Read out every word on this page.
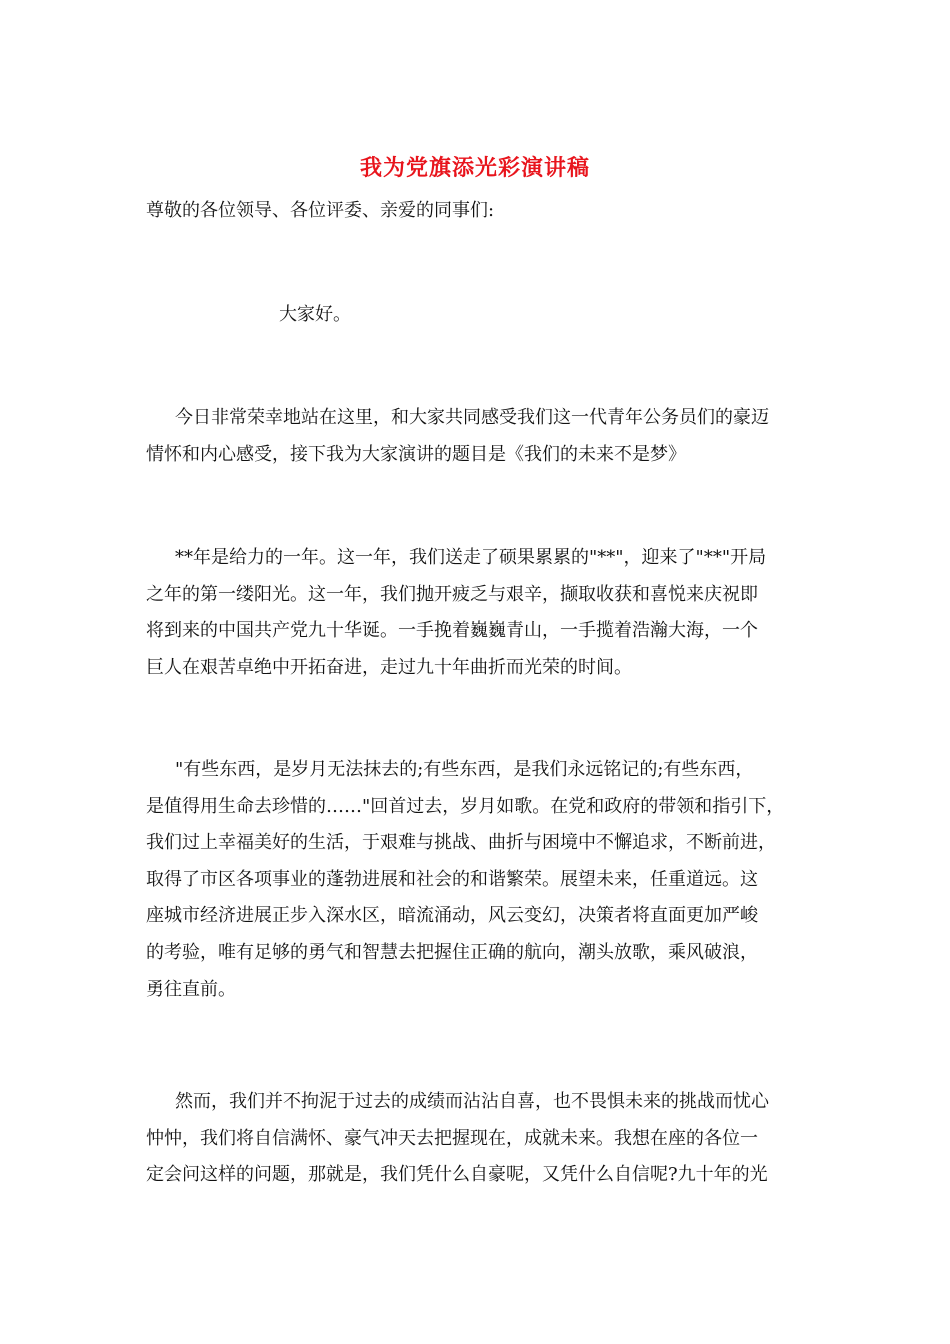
我为党旗添光彩演讲稿

尊敬的各位领导、各位评委、亲爱的同事们:

大家好。

今日非常荣幸地站在这里，和大家共同感受我们这一代青年公务员们的豪迈
情怀和内心感受，接下我为大家演讲的题目是《我们的未来不是梦》

**年是给力的一年。这一年，我们送走了硕果累累的"**"，迎来了"**"开局
之年的第一缕阳光。这一年，我们抛开疲乏与艰辛，撷取收获和喜悦来庆祝即
将到来的中国共产党九十华诞。一手挽着巍巍青山，一手揽着浩瀚大海，一个
巨人在艰苦卓绝中开拓奋进，走过九十年曲折而光荣的时间。

"有些东西，是岁月无法抹去的;有些东西，是我们永远铭记的;有些东西，
是值得用生命去珍惜的……"回首过去，岁月如歌。在党和政府的带领和指引下，
我们过上幸福美好的生活，于艰难与挑战、曲折与困境中不懈追求，不断前进，
取得了市区各项事业的蓬勃进展和社会的和谐繁荣。展望未来，任重道远。这
座城市经济进展正步入深水区，暗流涌动，风云变幻，决策者将直面更加严峻
的考验，唯有足够的勇气和智慧去把握住正确的航向，潮头放歌，乘风破浪，
勇往直前。

然而，我们并不拘泥于过去的成绩而沾沾自喜，也不畏惧未来的挑战而忧心
忡忡，我们将自信满怀、豪气冲天去把握现在，成就未来。我想在座的各位一
定会问这样的问题，那就是，我们凭什么自豪呢，又凭什么自信呢?九十年的光
